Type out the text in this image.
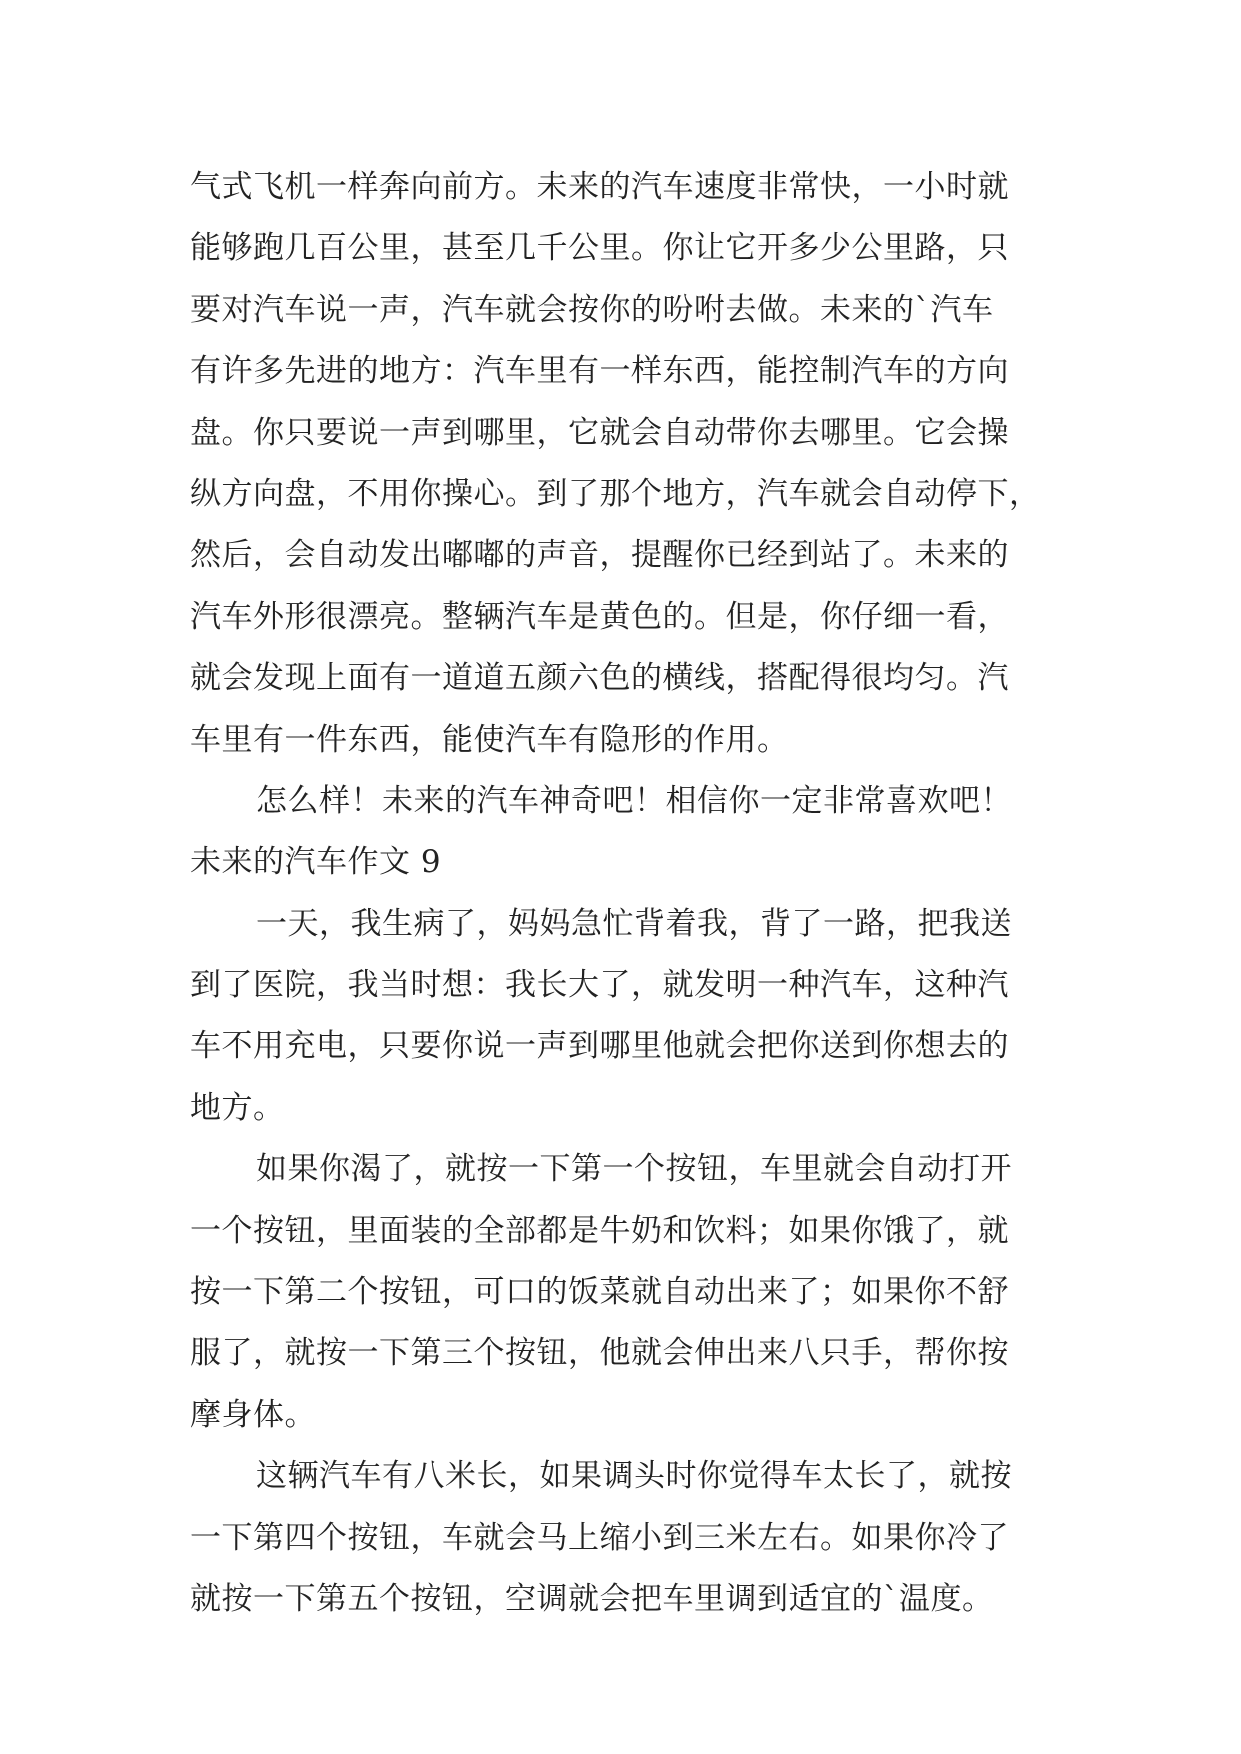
气式飞机一样奔向前方。未来的汽车速度非常快，一小时就
能够跑几百公里，甚至几千公里。你让它开多少公里路，只
要对汽车说一声，汽车就会按你的吩咐去做。未来的`汽车
有许多先进的地方：汽车里有一样东西，能控制汽车的方向
盘。你只要说一声到哪里，它就会自动带你去哪里。它会操
纵方向盘，不用你操心。到了那个地方，汽车就会自动停下，
然后，会自动发出嘟嘟的声音，提醒你已经到站了。未来的
汽车外形很漂亮。整辆汽车是黄色的。但是，你仔细一看，
就会发现上面有一道道五颜六色的横线，搭配得很均匀。汽
车里有一件东西，能使汽车有隐形的作用。
怎么样！未来的汽车神奇吧！相信你一定非常喜欢吧！
未来的汽车作文 9
一天，我生病了，妈妈急忙背着我，背了一路，把我送
到了医院，我当时想：我长大了，就发明一种汽车，这种汽
车不用充电，只要你说一声到哪里他就会把你送到你想去的
地方。
如果你渴了，就按一下第一个按钮，车里就会自动打开
一个按钮，里面装的全部都是牛奶和饮料；如果你饿了，就
按一下第二个按钮，可口的饭菜就自动出来了；如果你不舒
服了，就按一下第三个按钮，他就会伸出来八只手，帮你按
摩身体。
这辆汽车有八米长，如果调头时你觉得车太长了，就按
一下第四个按钮，车就会马上缩小到三米左右。如果你冷了
就按一下第五个按钮，空调就会把车里调到适宜的`温度。
